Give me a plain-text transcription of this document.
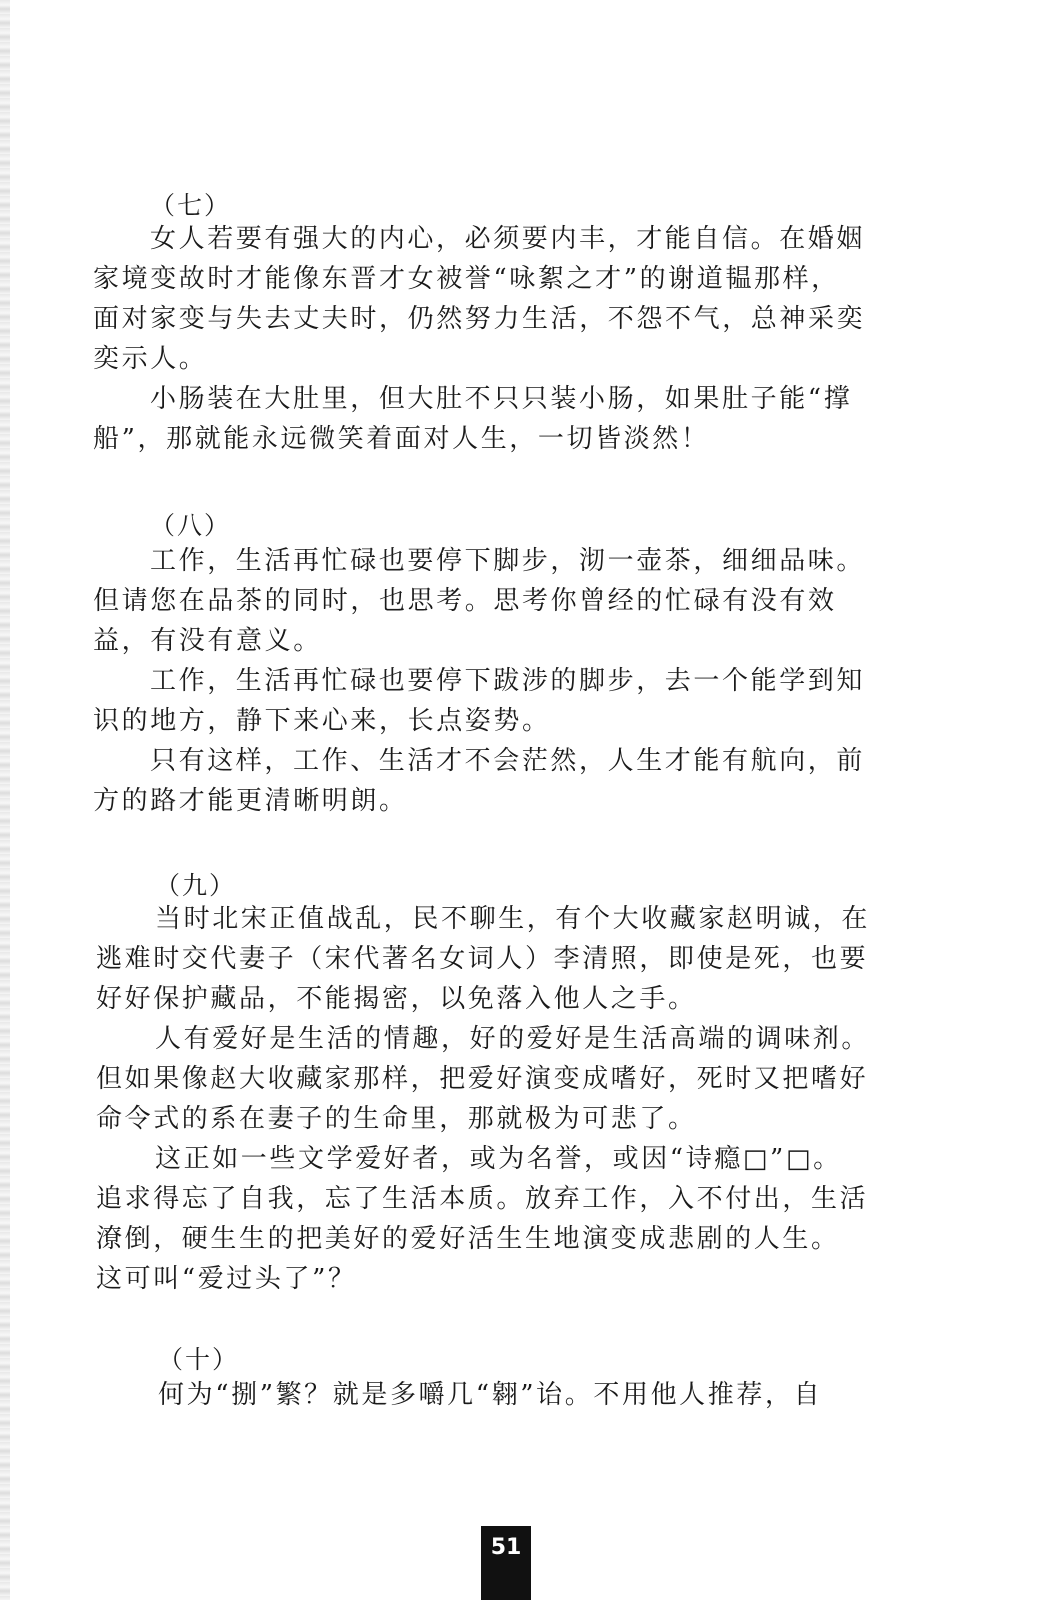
（七）
女人若要有强大的内心，必须要内丰，才能自信。在婚姻
家境变故时才能像东晋才女被誉“咏絮之才”的谢道韫那样，
面对家变与失去丈夫时，仍然努力生活，不怨不气，总神采奕
奕示人。
小肠装在大肚里，但大肚不只只装小肠，如果肚子能“撑
船”，那就能永远微笑着面对人生，一切皆淡然！
（八）
工作，生活再忙碌也要停下脚步，沏一壶茶，细细品味。
但请您在品茶的同时，也思考。思考你曾经的忙碌有没有效
益，有没有意义。
工作，生活再忙碌也要停下跋涉的脚步，去一个能学到知
识的地方，静下来心来，长点姿势。
只有这样，工作、生活才不会茫然，人生才能有航向，前
方的路才能更清晰明朗。
（九）
当时北宋正值战乱，民不聊生，有个大收藏家赵明诚，在
逃难时交代妻子（宋代著名女词人）李清照，即使是死，也要
好好保护藏品，不能揭密，以免落入他人之手。
人有爱好是生活的情趣，好的爱好是生活高端的调味剂。
但如果像赵大收藏家那样，把爱好演变成嗜好，死时又把嗜好
命令式的系在妻子的生命里，那就极为可悲了。
这正如一些文学爱好者，或为名誉，或因“诗瘾□”□。
追求得忘了自我，忘了生活本质。放弃工作，入不付出，生活
潦倒，硬生生的把美好的爱好活生生地演变成悲剧的人生。
这可叫“爱过头了”？
（十）
何为“捌”繁？就是多嚼几“翱”诒。不用他人推荐，自
51
